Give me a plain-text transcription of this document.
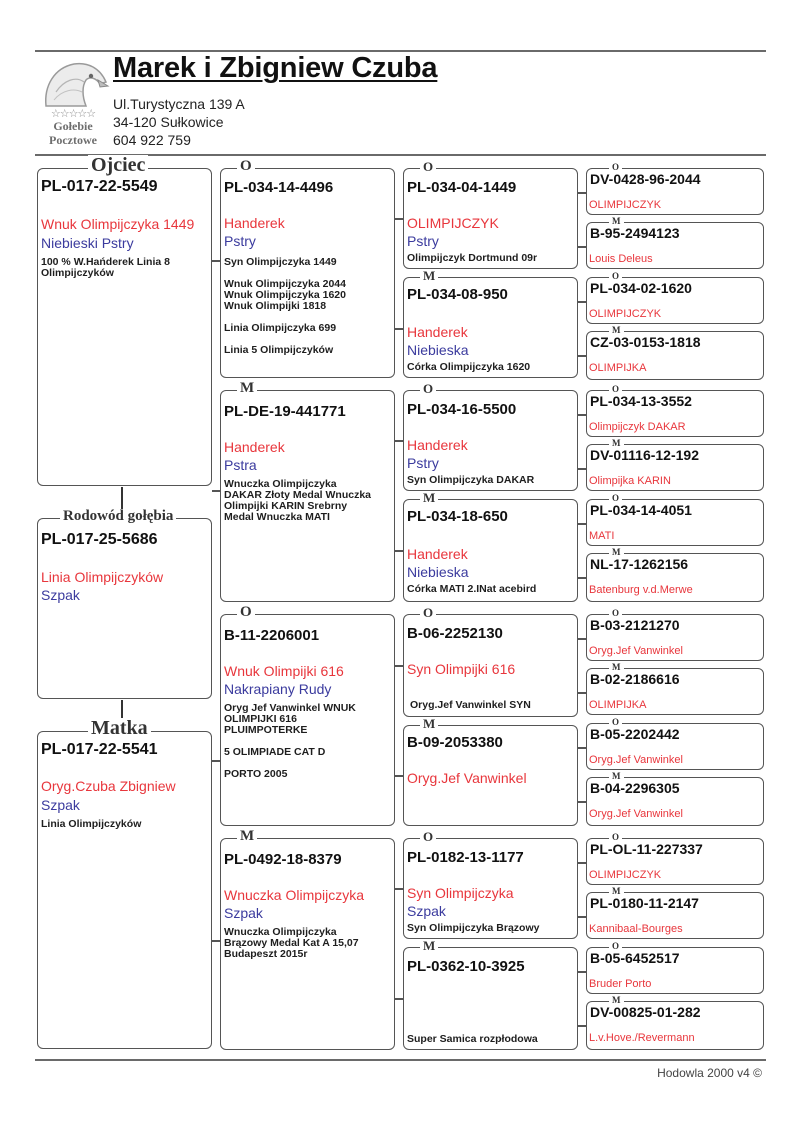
☆☆☆☆☆
Gołebie
Pocztowe
Marek i Zbigniew Czuba
Ul.Turystyczna 139 A
34-120 Sułkowice
604 922 759
Ojciec
PL-017-22-5549
Wnuk Olimpijczyka 1449
Niebieski Pstry
100 % W.Hańderek Linia 8
Olimpijczyków
Rodowód gołębia
PL-017-25-5686
Linia Olimpijczyków
Szpak
Matka
PL-017-22-5541
Oryg.Czuba Zbigniew
Szpak
Linia Olimpijczyków
O
PL-034-14-4496
Handerek
Pstry
Syn Olimpijczyka 1449
Wnuk Olimpijczyka 2044
Wnuk Olimpijczyka 1620
Wnuk Olimpijki 1818
Linia Olimpijczyka 699
Linia 5 Olimpijczyków
M
PL-DE-19-441771
Handerek
Pstra
Wnuczka Olimpijczyka
DAKAR Złoty Medal Wnuczka
Olimpijki KARIN Srebrny
Medal Wnuczka MATI
O
B-11-2206001
Wnuk Olimpijki 616
Nakrapiany Rudy
Oryg Jef Vanwinkel WNUK
OLIMPIJKI 616
PLUIMPOTERKE
5 OLIMPIADE CAT D
PORTO 2005
M
PL-0492-18-8379
Wnuczka Olimpijczyka
Szpak
Wnuczka Olimpijczyka
Brązowy Medal Kat A 15,07
Budapeszt 2015r
O
PL-034-04-1449
OLIMPIJCZYK
Pstry
Olimpijczyk Dortmund 09r
M
PL-034-08-950
Handerek
Niebieska
Córka Olimpijczyka 1620
O
PL-034-16-5500
Handerek
Pstry
Syn Olimpijczyka DAKAR
M
PL-034-18-650
Handerek
Niebieska
Córka MATI 2.INat acebird
O
B-06-2252130
Syn Olimpijki 616
Oryg.Jef Vanwinkel SYN
M
B-09-2053380
Oryg.Jef Vanwinkel
O
PL-0182-13-1177
Syn Olimpijczyka
Szpak
Syn Olimpijczyka Brązowy
M
PL-0362-10-3925
Super Samica rozpłodowa
O
DV-0428-96-2044
OLIMPIJCZYK
M
B-95-2494123
Louis Deleus
O
PL-034-02-1620
OLIMPIJCZYK
M
CZ-03-0153-1818
OLIMPIJKA
O
PL-034-13-3552
Olimpijczyk DAKAR
M
DV-01116-12-192
Olimpijka KARIN
O
PL-034-14-4051
MATI
M
NL-17-1262156
Batenburg v.d.Merwe
O
B-03-2121270
Oryg.Jef Vanwinkel
M
B-02-2186616
OLIMPIJKA
O
B-05-2202442
Oryg.Jef Vanwinkel
M
B-04-2296305
Oryg.Jef Vanwinkel
O
PL-OL-11-227337
OLIMPIJCZYK
M
PL-0180-11-2147
Kannibaal-Bourges
O
B-05-6452517
Bruder Porto
M
DV-00825-01-282
L.v.Hove./Revermann
Hodowla 2000 v4 ©
